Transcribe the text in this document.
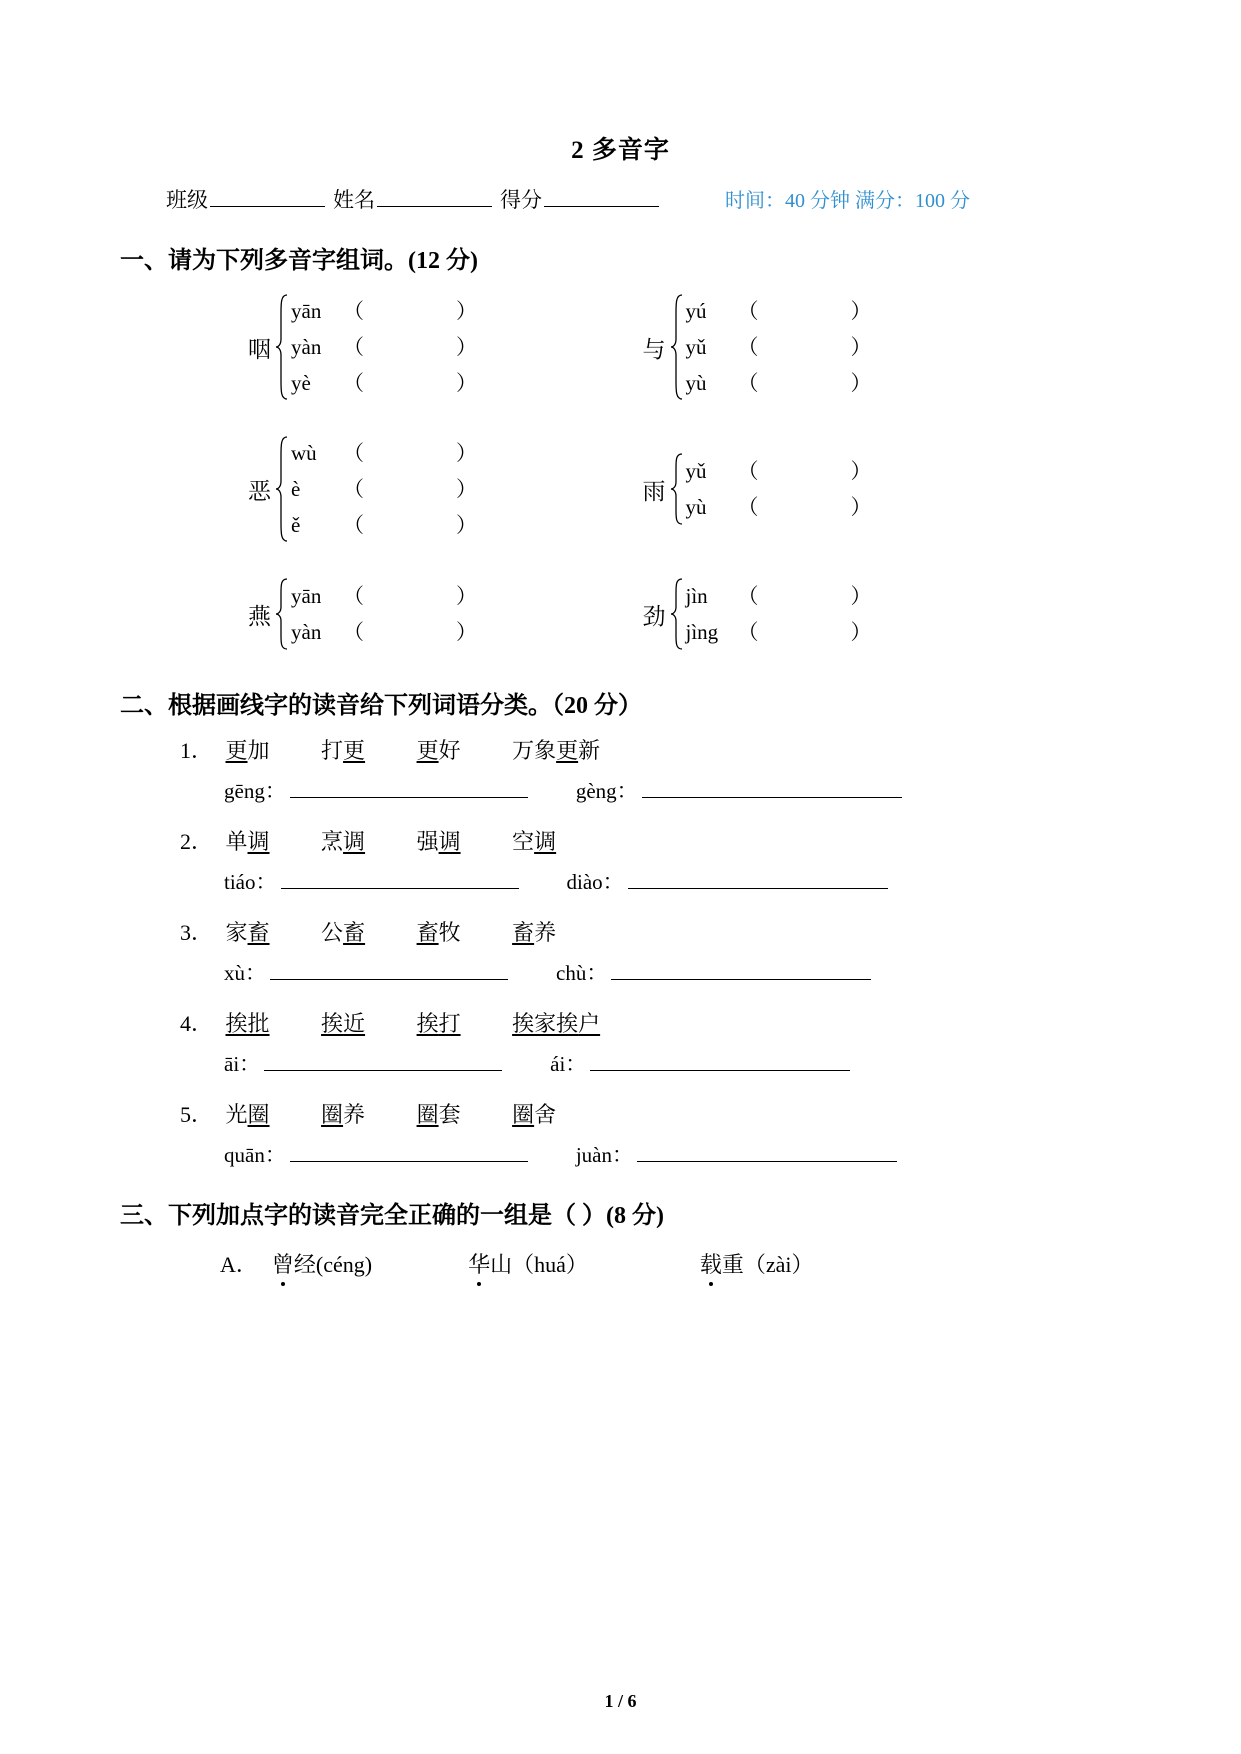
2 多音字
班级	姓名	得分	时间：40 分钟 满分：100 分
一、请为下列多音字组词。(12 分)
咽
yān （	）
yàn （	）
yè （	）
与
yú （	）
yǔ （	）
yù （	）
恶
wù （	）
è （	）
ě （	）
雨
yǔ （	）
yù （	）
燕
yān （	）
yàn （	）
劲
jìn （	）
jìng （	）
二、根据画线字的读音给下列词语分类。（20 分）
1． 更加 打更 更好 万象更新
gēng：	gèng：
2． 单调 烹调 强调 空调
tiáo：	diào：
3． 家畜 公畜 畜牧 畜养
xù：	chù：
4． 挨批 挨近 挨打 挨家挨户
āi：	ái：
5． 光圈 圈养 圈套 圈舍
quān：	juàn：
三、下列加点字的读音完全正确的一组是（ ）(8 分)
A． 曾经(céng)	华山（huá）	载重（zài）
1 / 6
